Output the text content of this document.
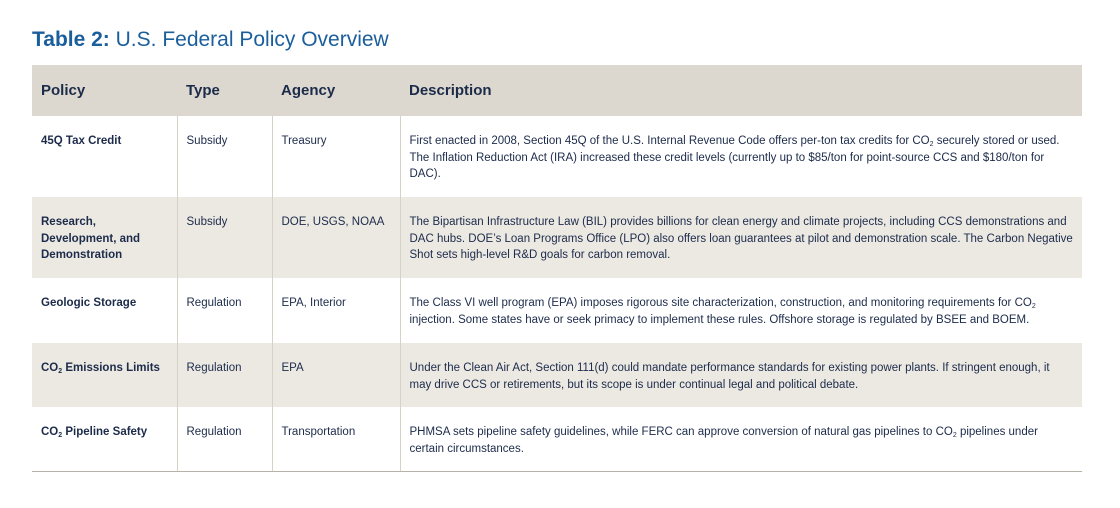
Table 2: U.S. Federal Policy Overview
Policy	Type	Agency	Description
45Q Tax Credit	Subsidy	Treasury	First enacted in 2008, Section 45Q of the U.S. Internal Revenue Code offers per-ton tax credits for $CO_2$ securely stored or used. The Inflation Reduction Act (IRA) increased these credit levels (currently up to $85/ton for point-source CCS and $180/ton for DAC).
Research, Development, and Demonstration	Subsidy	DOE, USGS, NOAA	The Bipartisan Infrastructure Law (BIL) provides billions for clean energy and climate projects, including CCS demonstrations and DAC hubs. DOE’s Loan Programs Office (LPO) also offers loan guarantees at pilot and demonstration scale. The Carbon Negative Shot sets high-level R&D goals for carbon removal.
Geologic Storage	Regulation	EPA, Interior	The Class VI well program (EPA) imposes rigorous site characterization, construction, and monitoring requirements for $CO_2$ injection. Some states have or seek primacy to implement these rules. Offshore storage is regulated by BSEE and BOEM.
$CO_2$ Emissions Limits	Regulation	EPA	Under the Clean Air Act, Section 111(d) could mandate performance standards for existing power plants. If stringent enough, it may drive CCS or retirements, but its scope is under continual legal and political debate.
$CO_2$ Pipeline Safety	Regulation	Transportation	PHMSA sets pipeline safety guidelines, while FERC can approve conversion of natural gas pipelines to $CO_2$ pipelines under certain circumstances.
